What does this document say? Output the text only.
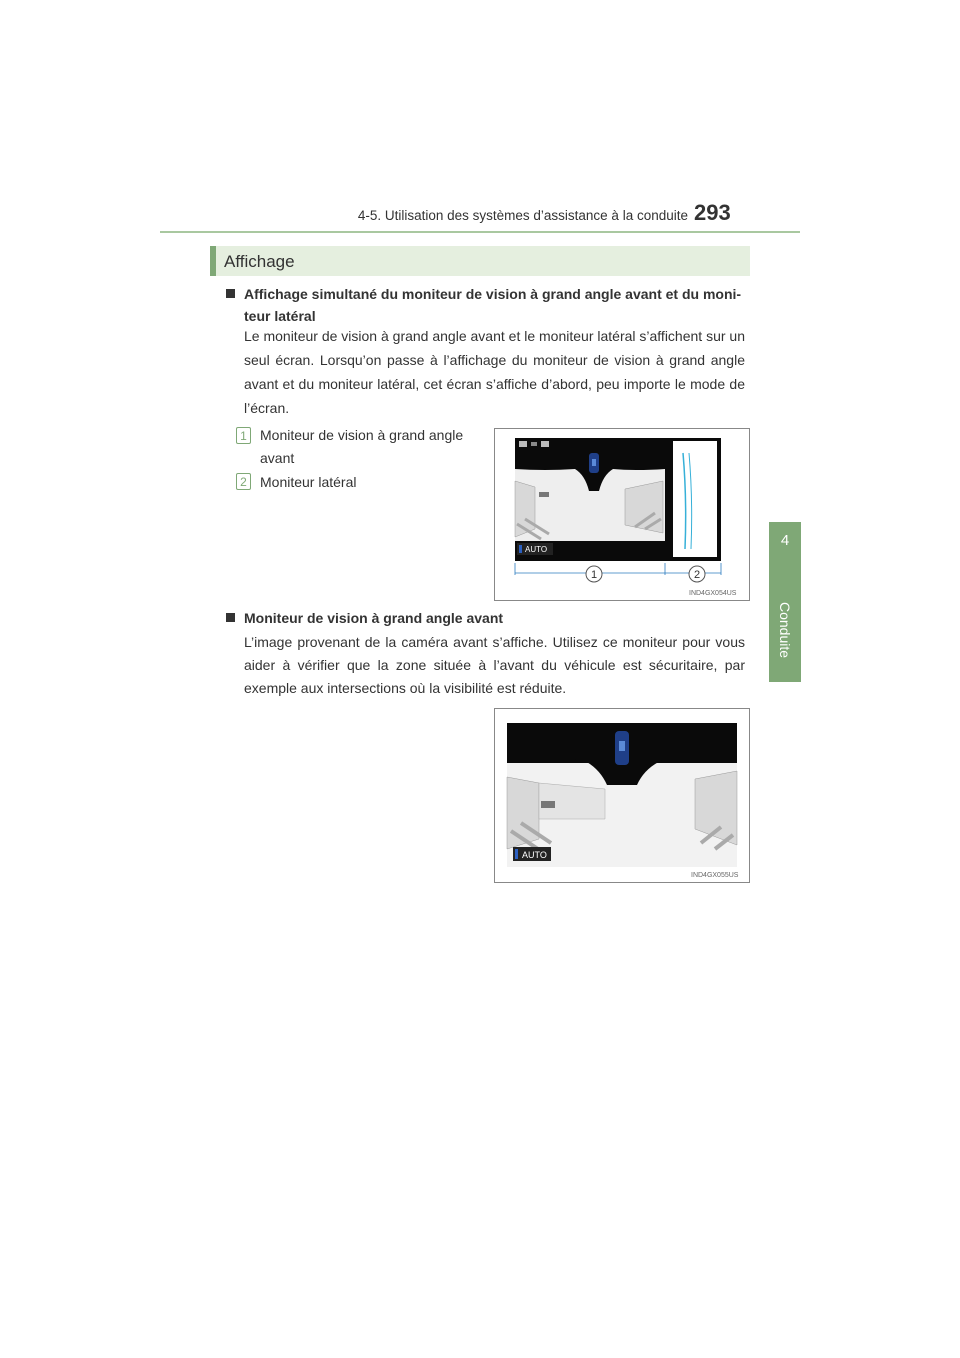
4-5. Utilisation des systèmes d’assistance à la conduite 293
4
Conduite
Affichage
Affichage simultané du moniteur de vision à grand angle avant et du moni-
teur latéral
Le moniteur de vision à grand angle avant et le moniteur latéral s’affichent sur un seul écran. Lorsqu’on passe à l’affichage du moniteur de vision à grand angle avant et du moniteur latéral, cet écran s’affiche d’abord, peu importe le mode de l’écran.
1 Moniteur de vision à grand angle
avant
2 Moniteur latéral
AUTO
1	2
IND4GX054US
Moniteur de vision à grand angle avant
L’image provenant de la caméra avant s’affiche. Utilisez ce moniteur pour vous aider à vérifier que la zone située à l’avant du véhicule est sécuritaire, par exemple aux intersections où la visibilité est réduite.
AUTO
IND4GX055US
